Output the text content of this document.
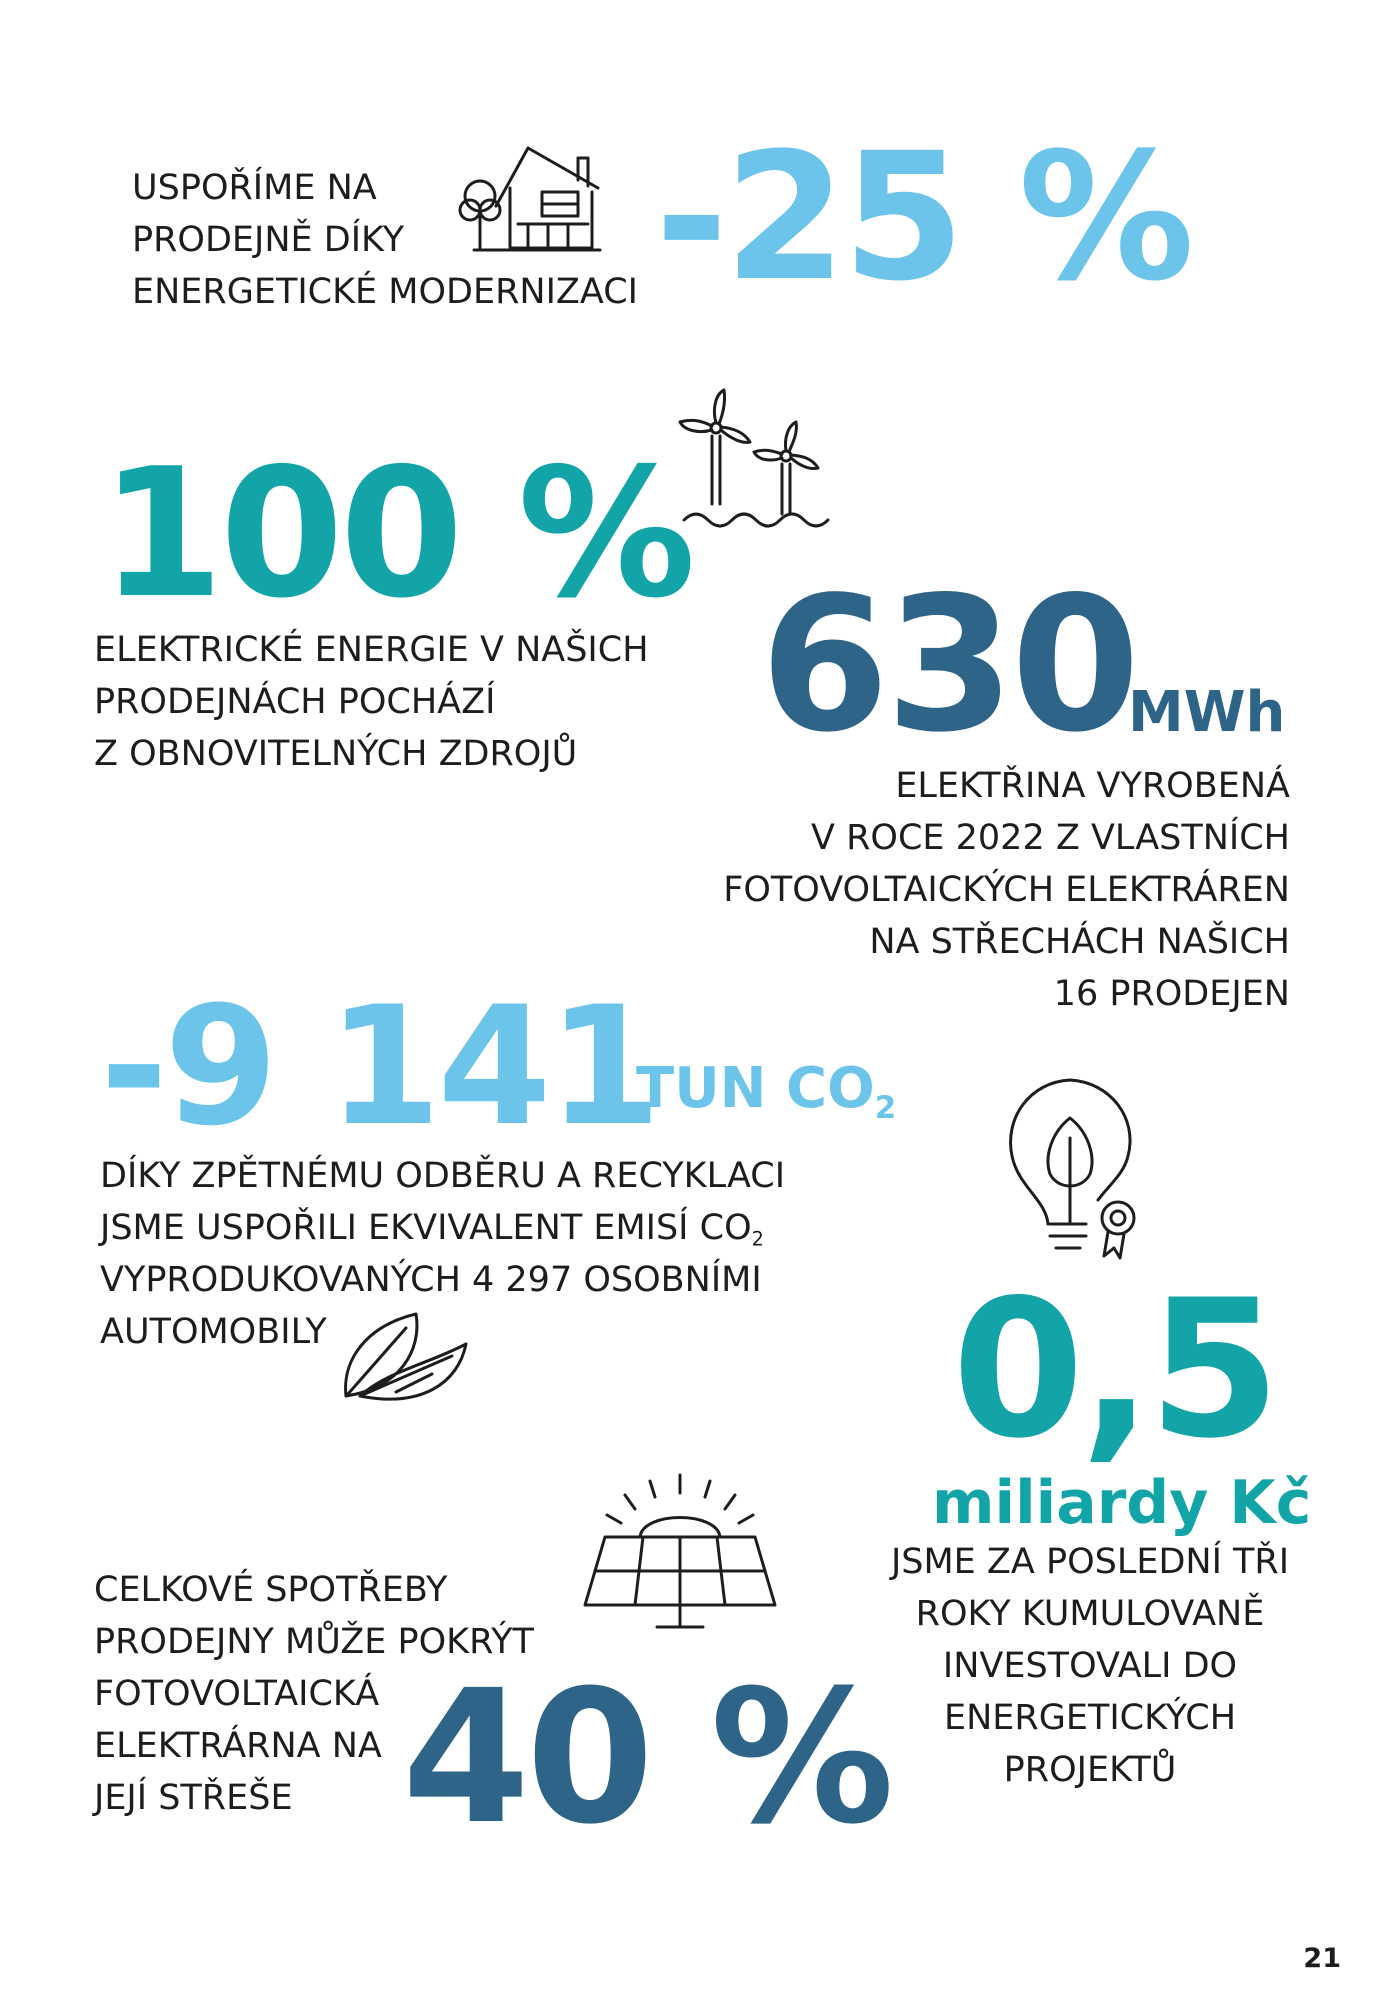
USPOŘÍME NA
PRODEJNĚ DÍKY
ENERGETICKÉ MODERNIZACI -25 %
100 %
ELEKTRICKÉ ENERGIE V NAŠICH
PRODEJNÁCH POCHÁZÍ
Z OBNOVITELNÝCH ZDROJŮ 630
MWh
ELEKTŘINA VYROBENÁ
V ROCE 2022 Z VLASTNÍCH
FOTOVOLTAICKÝCH ELEKTRÁREN
NA STŘECHÁCH NAŠICH
16 PRODEJEN
-9 141
TUN $CO_2$
DÍKY ZPĚTNÉMU ODBĚRU A RECYKLACI
JSME USPOŘILI EKVIVALENT EMISÍ $CO_2$
VYPRODUKOVANÝCH 4 297 OSOBNÍMI
AUTOMOBILY	0,5
miliardy Kč
JSME ZA POSLEDNÍ TŘI
ROKY KUMULOVANĚ
INVESTOVALI DO
ENERGETICKÝCH
PROJEKTŮ
CELKOVÉ SPOTŘEBY
PRODEJNY MŮŽE POKRÝT
FOTOVOLTAICKÁ
ELEKTRÁRNA NA
JEJÍ STŘEŠE 40 %
21
